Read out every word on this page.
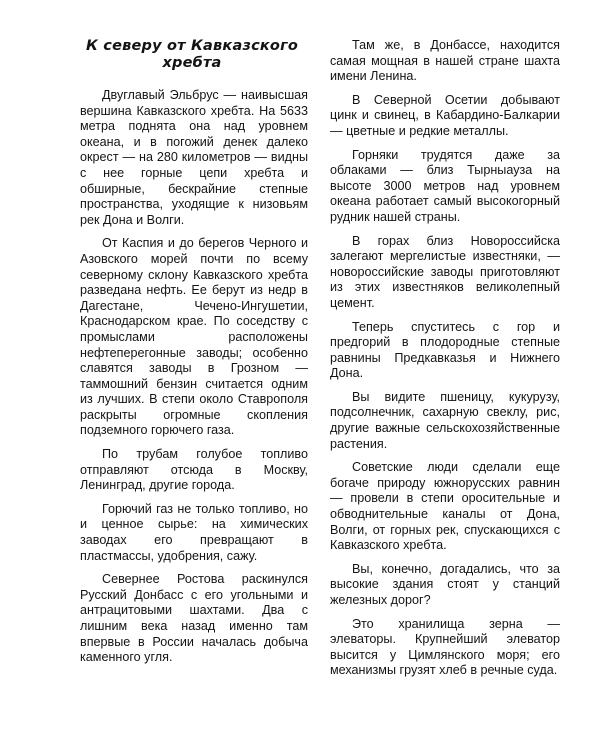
К северу от Кавказского хребта

Двуглавый Эльбрус — наивысшая вершина Кавказского хребта. На 5633 метра поднята она над уровнем океана, и в погожий денек далеко окрест — на 280 километров — видны с нее горные цепи хребта и обширные, бескрайние степные пространства, уходящие к низовьям рек Дона и Волги.

От Каспия и до берегов Черного и Азовского морей почти по всему северному склону Кавказского хребта разведана нефть. Ее берут из недр в Дагестане, Чечено-Ингушетии, Краснодарском крае. По соседству с промыслами расположены нефтеперегонные заводы; особенно славятся заводы в Грозном — таммошний бензин считается одним из лучших. В степи около Ставрополя раскрыты огромные скопления подземного горючего газа.

По трубам голубое топливо отправляют отсюда в Москву, Ленинград, другие города.

Горючий газ не только топливо, но и ценное сырье: на химических заводах его превращают в пластмассы, удобрения, сажу.

Севернее Ростова раскинулся Русский Донбасс с его угольными и антрацитовыми шахтами. Два с лишним века назад именно там впервые в России началась добыча каменного угля.

Там же, в Донбассе, находится самая мощная в нашей стране шахта имени Ленина.

В Северной Осетии добывают цинк и свинец, в Кабардино-Балкарии — цветные и редкие металлы.

Горняки трудятся даже за облаками — близ Тырныауза на высоте 3000 метров над уровнем океана работает самый высокогорный рудник нашей страны.

В горах близ Новороссийска залегают мергелистые известняки, — новороссийские заводы приготовляют из этих известняков великолепный цемент.

Теперь спуститесь с гор и предгорий в плодородные степные равнины Предкавказья и Нижнего Дона.

Вы видите пшеницу, кукурузу, подсолнечник, сахарную свеклу, рис, другие важные сельскохозяйственные растения.

Советские люди сделали еще богаче природу южнорусских равнин — провели в степи оросительные и обводнительные каналы от Дона, Волги, от горных рек, спускающихся с Кавказского хребта.

Вы, конечно, догадались, что за высокие здания стоят у станций железных дорог?

Это хранилища зерна — элеваторы. Крупнейший элеватор высится у Цимлянского моря; его механизмы грузят хлеб в речные суда.
